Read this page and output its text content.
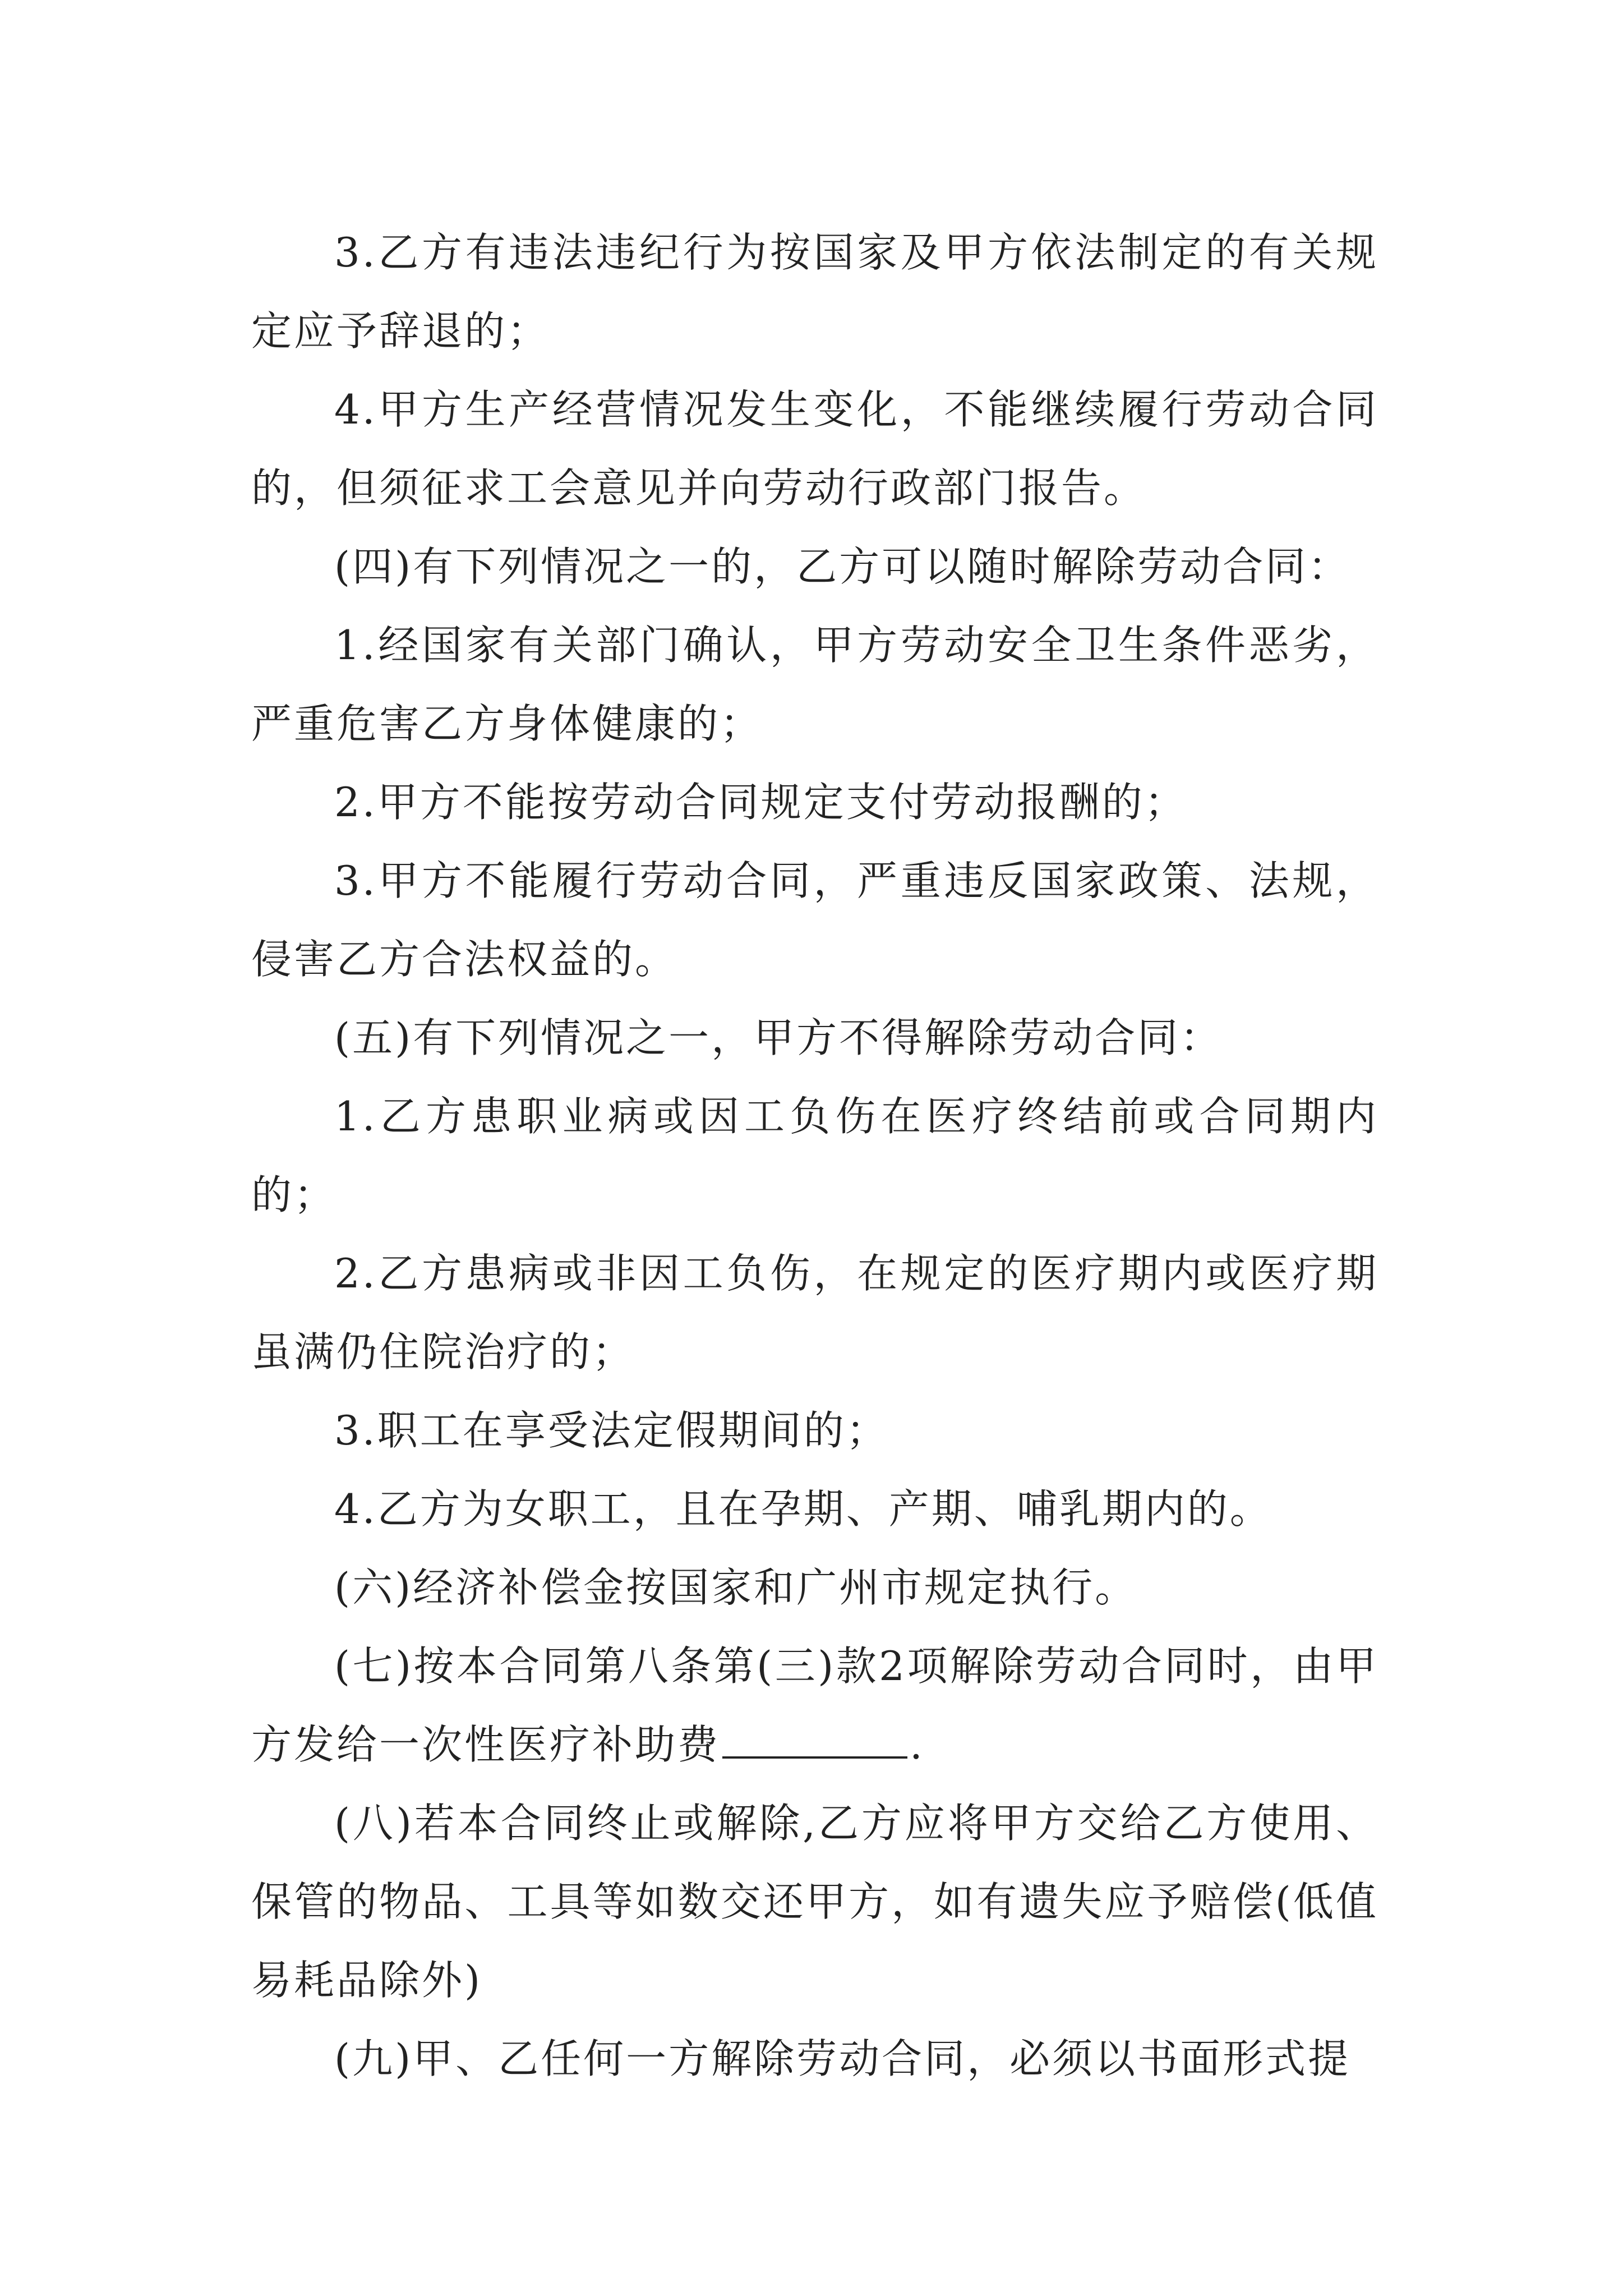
3.乙方有违法违纪行为按国家及甲方依法制定的有关规定应予辞退的；

4.甲方生产经营情况发生变化，不能继续履行劳动合同的，但须征求工会意见并向劳动行政部门报告。

(四)有下列情况之一的，乙方可以随时解除劳动合同：

1.经国家有关部门确认，甲方劳动安全卫生条件恶劣，严重危害乙方身体健康的；

2.甲方不能按劳动合同规定支付劳动报酬的；

3.甲方不能履行劳动合同，严重违反国家政策、法规，侵害乙方合法权益的。

(五)有下列情况之一，甲方不得解除劳动合同：

1.乙方患职业病或因工负伤在医疗终结前或合同期内的；

2.乙方患病或非因工负伤，在规定的医疗期内或医疗期虽满仍住院治疗的；

3.职工在享受法定假期间的；

4.乙方为女职工，且在孕期、产期、哺乳期内的。

(六)经济补偿金按国家和广州市规定执行。

(七)按本合同第八条第(三)款2项解除劳动合同时，由甲方发给一次性医疗补助费	.

(八)若本合同终止或解除,乙方应将甲方交给乙方使用、保管的物品、工具等如数交还甲方，如有遗失应予赔偿(低值易耗品除外)

(九)甲、乙任何一方解除劳动合同，必须以书面形式提
